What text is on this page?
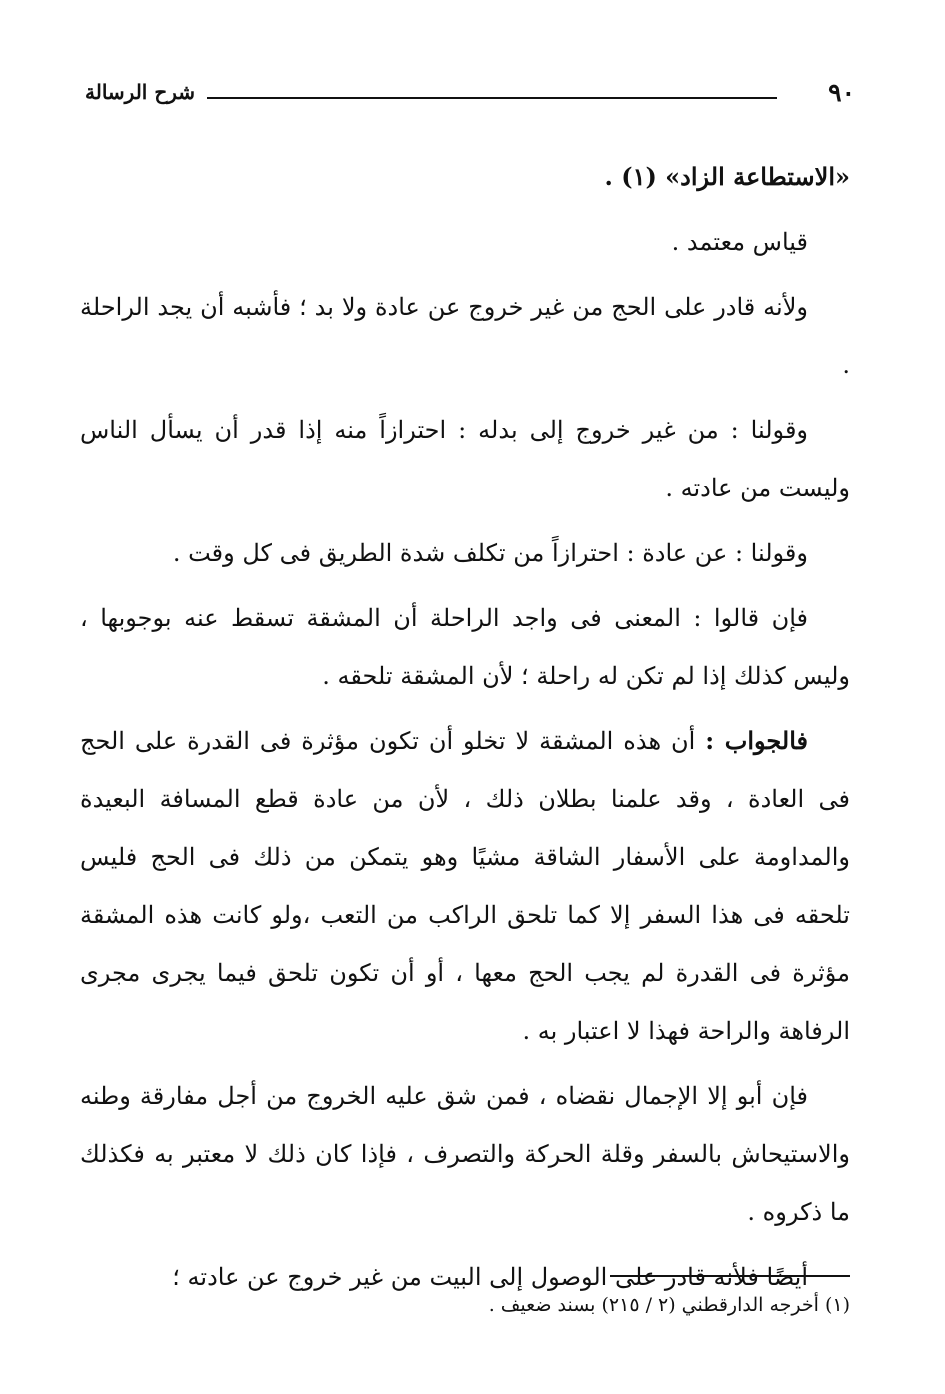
٩٠
شرح الرسالة

«الاستطاعة الزاد» (١) .

قياس معتمد .

ولأنه قادر على الحج من غير خروج عن عادة ولا بد ؛ فأشبه أن يجد الراحلة .

وقولنا : من غير خروج إلى بدله : احترازاً منه إذا قدر أن يسأل الناس وليست من عادته .

وقولنا : عن عادة : احترازاً من تكلف شدة الطريق فى كل وقت .

فإن قالوا : المعنى فى واجد الراحلة أن المشقة تسقط عنه بوجوبها ، وليس كذلك إذا لم تكن له راحلة ؛ لأن المشقة تلحقه .

فالجواب : أن هذه المشقة لا تخلو أن تكون مؤثرة فى القدرة على الحج فى العادة ، وقد علمنا بطلان ذلك ، لأن من عادة قطع المسافة البعيدة والمداومة على الأسفار الشاقة مشيًا وهو يتمكن من ذلك فى الحج فليس تلحقه فى هذا السفر إلا كما تلحق الراكب من التعب ،ولو كانت هذه المشقة مؤثرة فى القدرة لم يجب الحج معها ، أو أن تكون تلحق فيما يجرى مجرى الرفاهة والراحة فهذا لا اعتبار به .

فإن أبو إلا الإجمال نقضاه ، فمن شق عليه الخروج من أجل مفارقة وطنه والاستيحاش بالسفر وقلة الحركة والتصرف ، فإذا كان ذلك لا معتبر به فكذلك ما ذكروه .

أيضًا فلأنه قادر على الوصول إلى البيت من غير خروج عن عادته ؛

(١) أخرجه الدارقطني (٢ / ٢١٥) بسند ضعيف .
